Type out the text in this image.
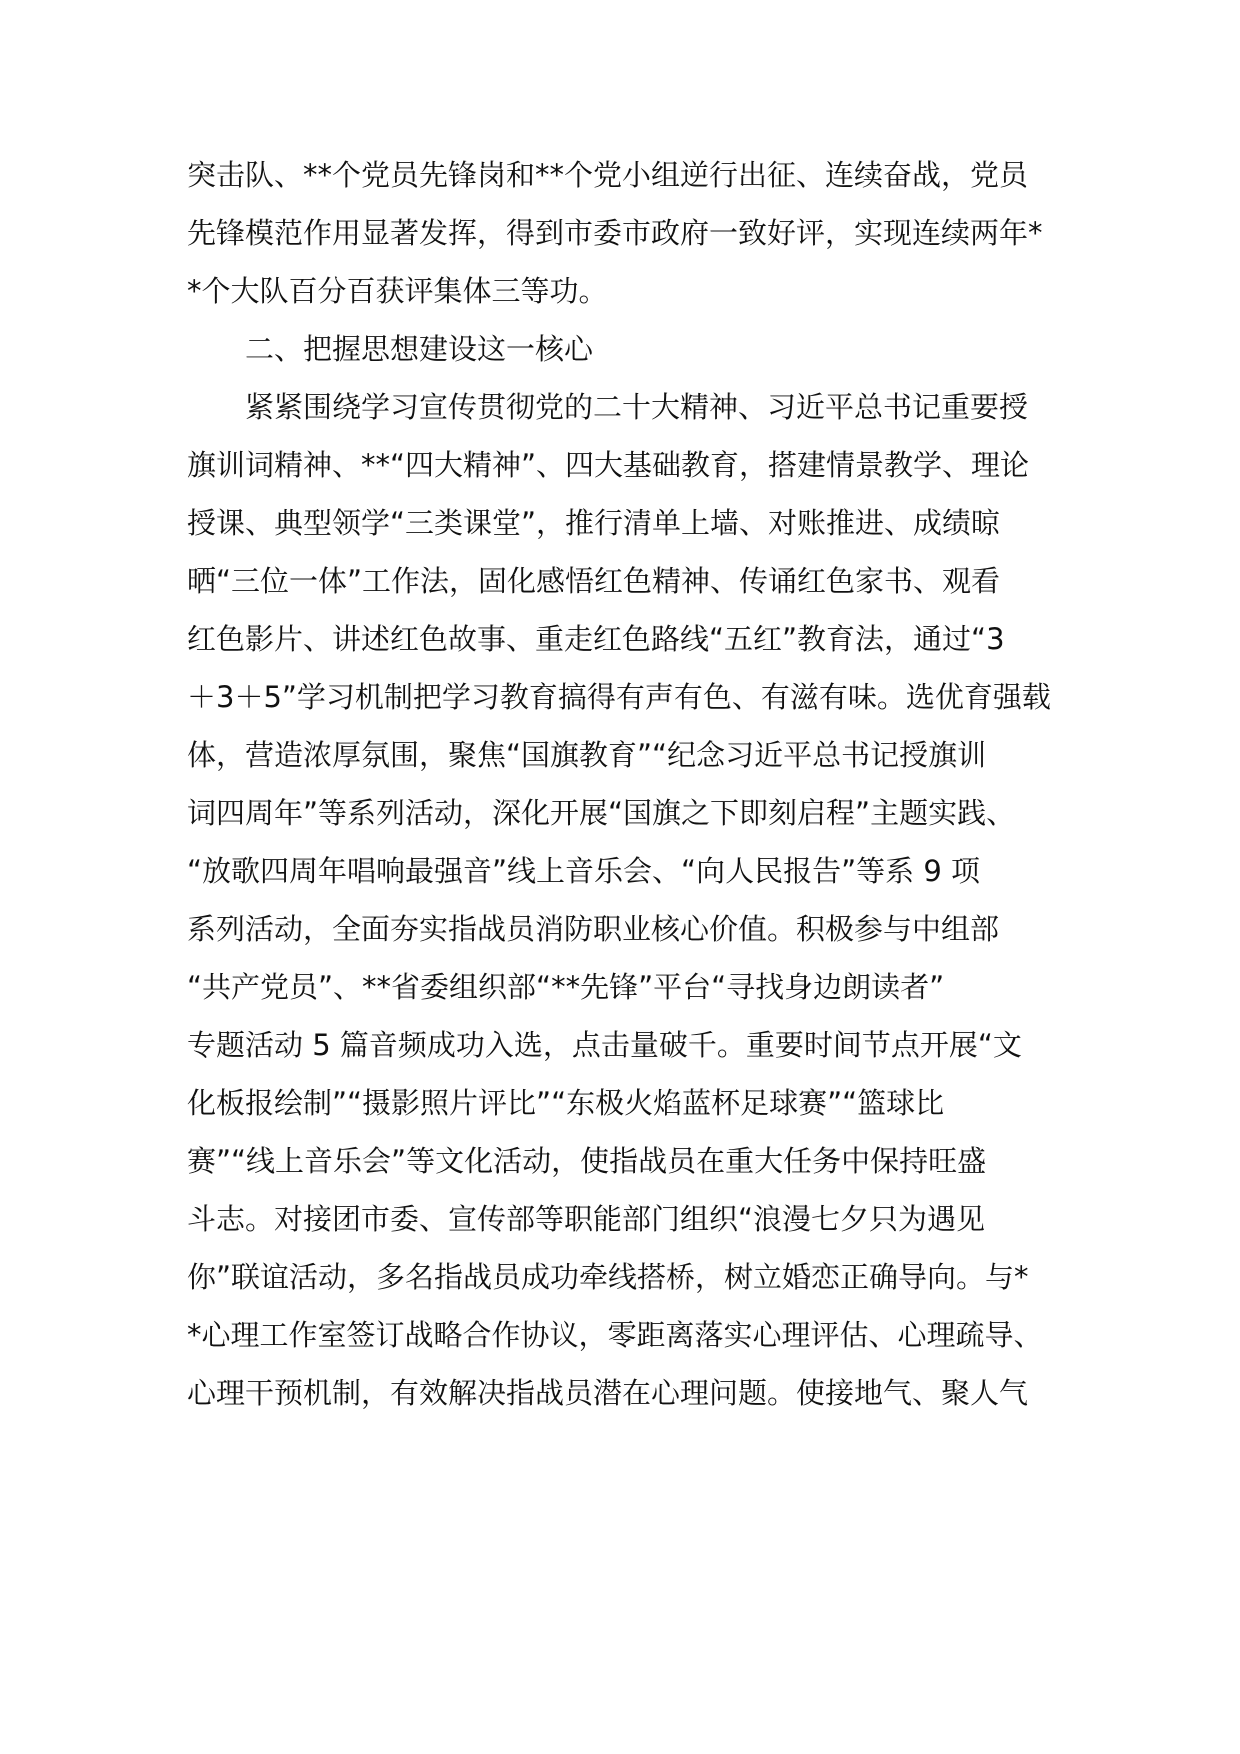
突击队、**个党员先锋岗和**个党小组逆行出征、连续奋战，党员
先锋模范作用显著发挥，得到市委市政府一致好评，实现连续两年*
*个大队百分百获评集体三等功。
　　二、把握思想建设这一核心
　　紧紧围绕学习宣传贯彻党的二十大精神、习近平总书记重要授
旗训词精神、**“四大精神”、四大基础教育，搭建情景教学、理论
授课、典型领学“三类课堂”，推行清单上墙、对账推进、成绩晾
晒“三位一体”工作法，固化感悟红色精神、传诵红色家书、观看
红色影片、讲述红色故事、重走红色路线“五红”教育法，通过“3
＋3＋5”学习机制把学习教育搞得有声有色、有滋有味。选优育强载
体，营造浓厚氛围，聚焦“国旗教育”“纪念习近平总书记授旗训
词四周年”等系列活动，深化开展“国旗之下即刻启程”主题实践、
“放歌四周年唱响最强音”线上音乐会、“向人民报告”等系 9 项
系列活动，全面夯实指战员消防职业核心价值。积极参与中组部
“共产党员”、**省委组织部“**先锋”平台“寻找身边朗读者”
专题活动 5 篇音频成功入选，点击量破千。重要时间节点开展“文
化板报绘制”“摄影照片评比”“东极火焰蓝杯足球赛”“篮球比
赛”“线上音乐会”等文化活动，使指战员在重大任务中保持旺盛
斗志。对接团市委、宣传部等职能部门组织“浪漫七夕只为遇见
你”联谊活动，多名指战员成功牵线搭桥，树立婚恋正确导向。与*
*心理工作室签订战略合作协议，零距离落实心理评估、心理疏导、
心理干预机制，有效解决指战员潜在心理问题。使接地气、聚人气
